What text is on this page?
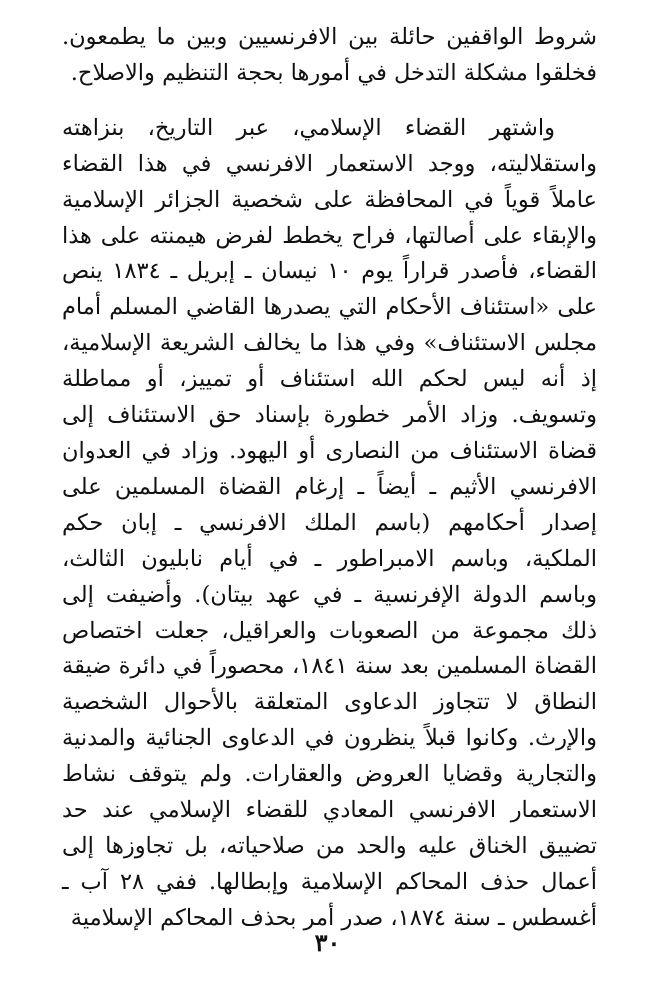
شروط الواقفين حائلة بين الافرنسيين وبين ما يطمعون. فخلقوا مشكلة التدخل في أمورها بحجة التنظيم والاصلاح.

واشتهر القضاء الإسلامي، عبر التاريخ، بنزاهته واستقلاليته، ووجد الاستعمار الافرنسي في هذا القضاء عاملاً قوياً في المحافظة على شخصية الجزائر الإسلامية والإبقاء على أصالتها، فراح يخطط لفرض هيمنته على هذا القضاء، فأصدر قراراً يوم ١٠ نيسان ـ إبريل ـ ١٨٣٤ ينص على «استئناف الأحكام التي يصدرها القاضي المسلم أمام مجلس الاستئناف» وفي هذا ما يخالف الشريعة الإسلامية، إذ أنه ليس لحكم الله استئناف أو تمييز، أو مماطلة وتسويف. وزاد الأمر خطورة بإسناد حق الاستئناف إلى قضاة الاستئناف من النصارى أو اليهود. وزاد في العدوان الافرنسي الأثيم ـ أيضاً ـ إرغام القضاة المسلمين على إصدار أحكامهم (باسم الملك الافرنسي ـ إبان حكم الملكية، وباسم الامبراطور ـ في أيام نابليون الثالث، وباسم الدولة الإفرنسية ـ في عهد بيتان). وأضيفت إلى ذلك مجموعة من الصعوبات والعراقيل، جعلت اختصاص القضاة المسلمين بعد سنة ١٨٤١، محصوراً في دائرة ضيقة النطاق لا تتجاوز الدعاوى المتعلقة بالأحوال الشخصية والإرث. وكانوا قبلاً ينظرون في الدعاوى الجنائية والمدنية والتجارية وقضايا العروض والعقارات. ولم يتوقف نشاط الاستعمار الافرنسي المعادي للقضاء الإسلامي عند حد تضييق الخناق عليه والحد من صلاحياته، بل تجاوزها إلى أعمال حذف المحاكم الإسلامية وإبطالها. ففي ٢٨ آب ـ أغسطس ـ سنة ١٨٧٤، صدر أمر بحذف المحاكم الإسلامية

٣٠
